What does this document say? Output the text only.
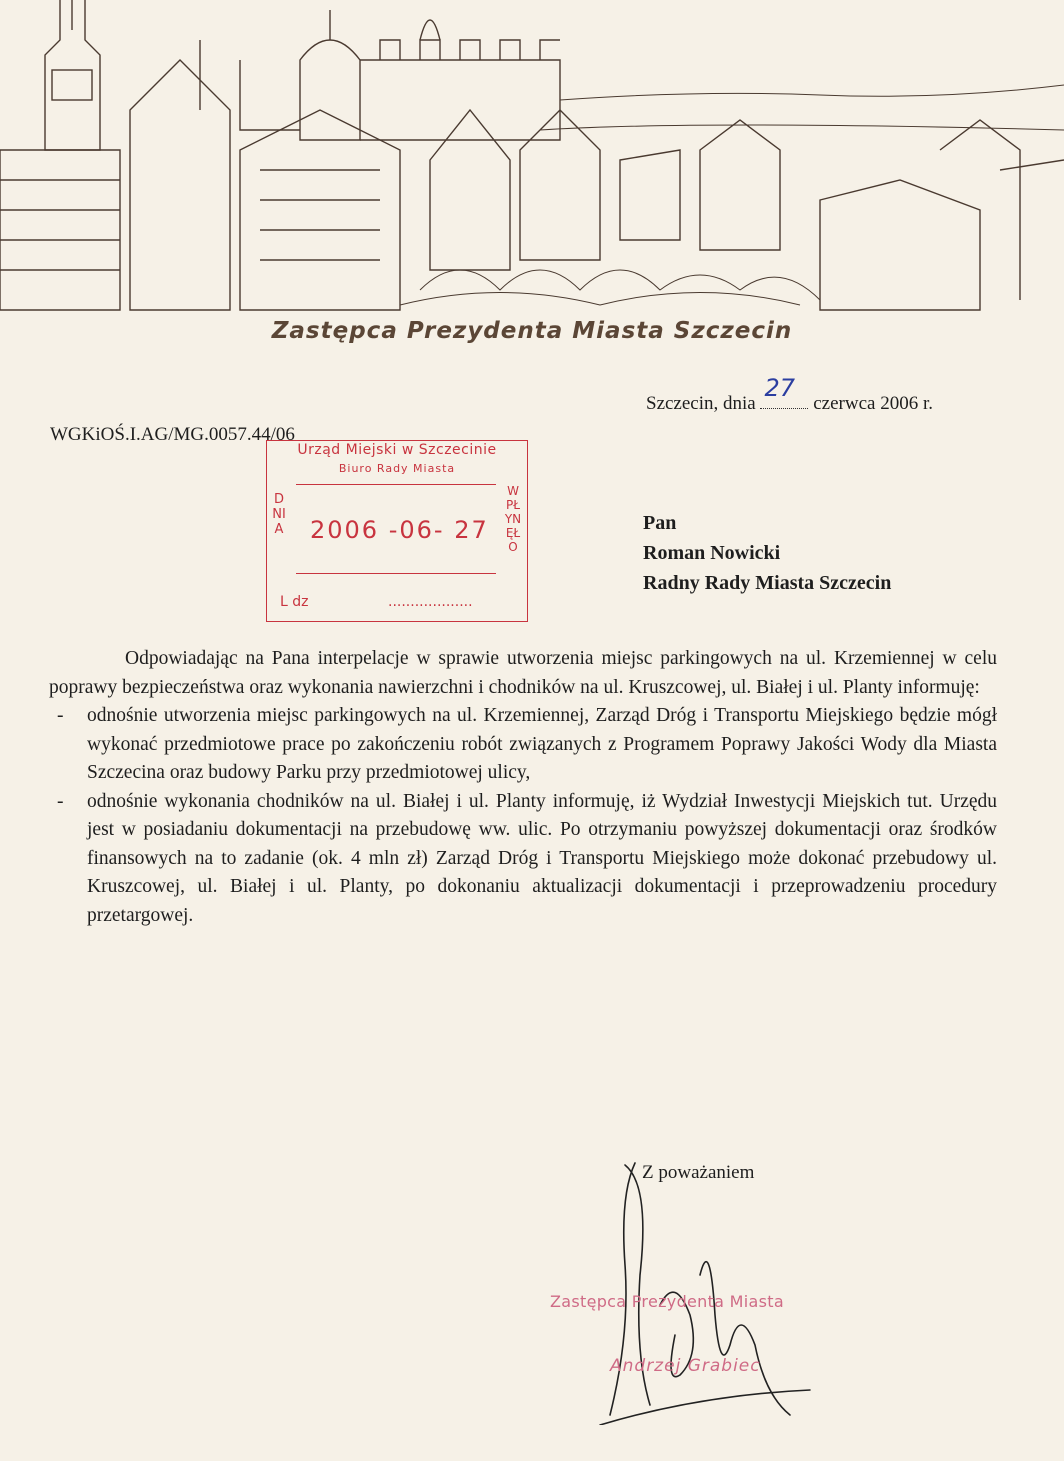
Zastępca Prezydenta Miasta Szczecin
Szczecin, dnia
27
czerwca 2006 r.
WGKiOŚ.I.AG/MG.0057.44/06
Urząd Miejski w Szczecinie
Biuro Rady Miasta
DNIA
WPŁYNĘŁO
2006 -06- 27
L dz	...................
Pan
Roman Nowicki
Radny Rady Miasta Szczecin

Odpowiadając na Pana interpelacje w sprawie utworzenia miejsc parkingowych na ul. Krzemiennej w celu poprawy bezpieczeństwa oraz wykonania nawierzchni i chodników na ul. Kruszcowej, ul. Białej i ul. Planty informuję:

- odnośnie utworzenia miejsc parkingowych na ul. Krzemiennej, Zarząd Dróg i Transportu Miejskiego będzie mógł wykonać przedmiotowe prace po zakończeniu robót związanych z Programem Poprawy Jakości Wody dla Miasta Szczecina oraz budowy Parku przy przedmiotowej ulicy,
- odnośnie wykonania chodników na ul. Białej i ul. Planty informuję, iż Wydział Inwestycji Miejskich tut. Urzędu jest w posiadaniu dokumentacji na przebudowę ww. ulic. Po otrzymaniu powyższej dokumentacji oraz środków finansowych na to zadanie (ok. 4 mln zł) Zarząd Dróg i Transportu Miejskiego może dokonać przebudowy ul. Kruszcowej, ul. Białej i ul. Planty, po dokonaniu aktualizacji dokumentacji i przeprowadzeniu procedury przetargowej.
Z poważaniem
Zastępca Prezydenta Miasta
Andrzej Grabiec
